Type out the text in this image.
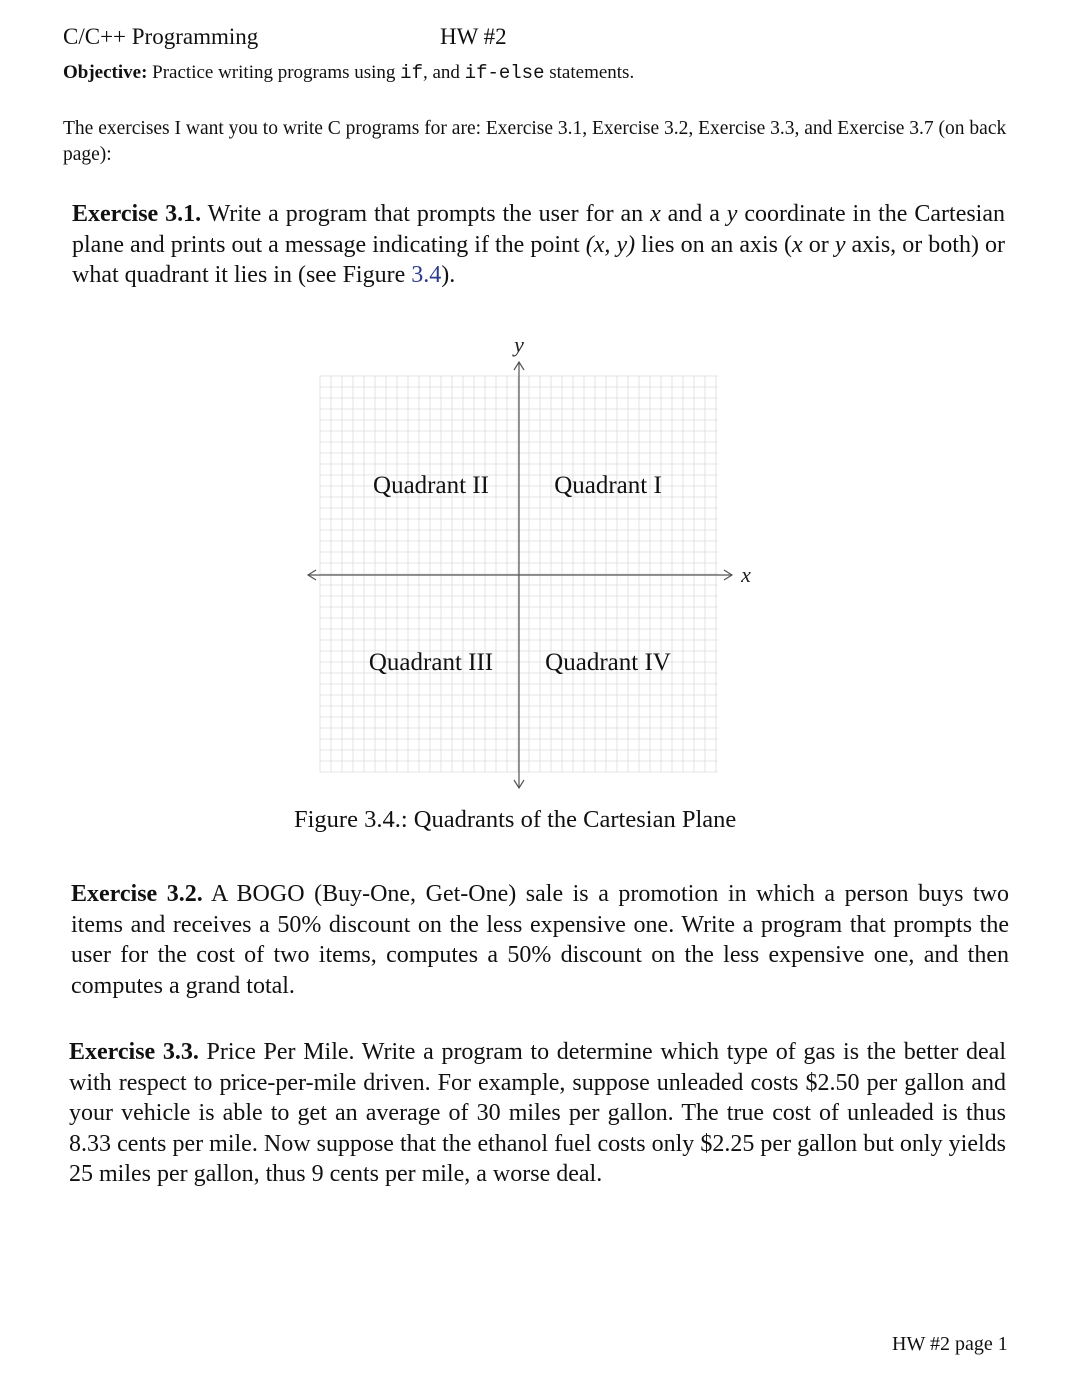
C/C++ Programming	HW #2
Objective: Practice writing programs using if, and if-else statements.
The exercises I want you to write C programs for are: Exercise 3.1, Exercise 3.2, Exercise 3.3, and Exercise 3.7 (on back page):
Exercise 3.1. Write a program that prompts the user for an x and a y coordinate in the Cartesian plane and prints out a message indicating if the point (x, y) lies on an axis (x or y axis, or both) or what quadrant it lies in (see Figure 3.4).
y
x
Quadrant II	Quadrant I
Quadrant III Quadrant IV
Figure 3.4.: Quadrants of the Cartesian Plane
Exercise 3.2. A BOGO (Buy-One, Get-One) sale is a promotion in which a person buys two items and receives a 50% discount on the less expensive one. Write a program that prompts the user for the cost of two items, computes a 50% discount on the less expensive one, and then computes a grand total.
Exercise 3.3. Price Per Mile. Write a program to determine which type of gas is the better deal with respect to price-per-mile driven. For example, suppose unleaded costs $2.50 per gallon and your vehicle is able to get an average of 30 miles per gallon. The true cost of unleaded is thus 8.33 cents per mile. Now suppose that the ethanol fuel costs only $2.25 per gallon but only yields 25 miles per gallon, thus 9 cents per mile, a worse deal.
HW #2 page 1
